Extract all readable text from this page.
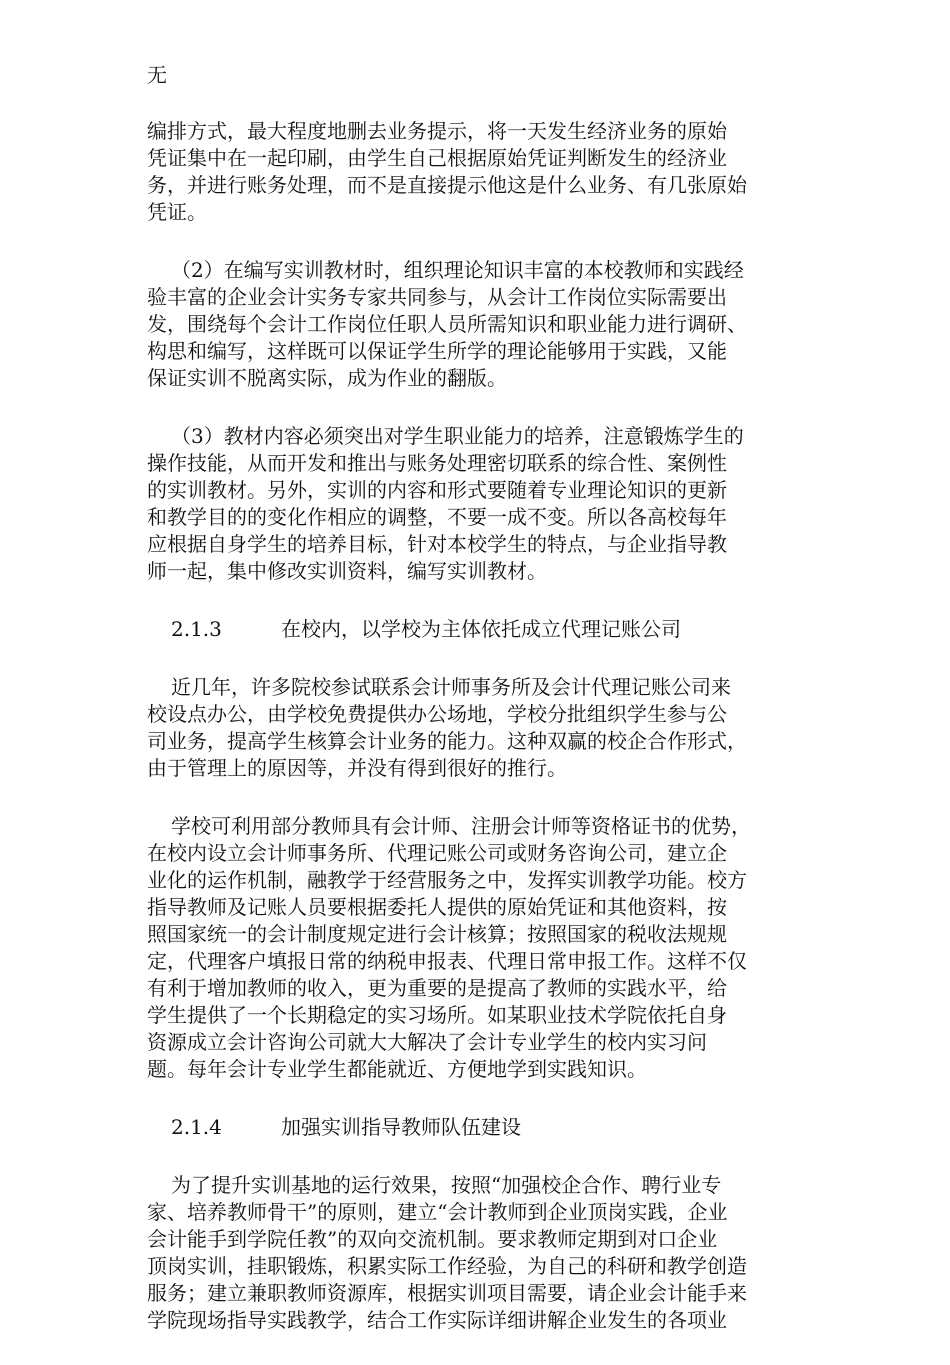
无
编排方式，最大程度地删去业务提示，将一天发生经济业务的原始
凭证集中在一起印刷，由学生自己根据原始凭证判断发生的经济业
务，并进行账务处理，而不是直接提示他这是什么业务、有几张原始
凭证。
（2）在编写实训教材时，组织理论知识丰富的本校教师和实践经
验丰富的企业会计实务专家共同参与，从会计工作岗位实际需要出
发，围绕每个会计工作岗位任职人员所需知识和职业能力进行调研、
构思和编写，这样既可以保证学生所学的理论能够用于实践，又能
保证实训不脱离实际，成为作业的翻版。
（3）教材内容必须突出对学生职业能力的培养，注意锻炼学生的
操作技能，从而开发和推出与账务处理密切联系的综合性、案例性
的实训教材。另外，实训的内容和形式要随着专业理论知识的更新
和教学目的的变化作相应的调整，不要一成不变。所以各高校每年
应根据自身学生的培养目标，针对本校学生的特点，与企业指导教
师一起，集中修改实训资料，编写实训教材。
2.1.3	在校内，以学校为主体依托成立代理记账公司
近几年，许多院校参试联系会计师事务所及会计代理记账公司来
校设点办公，由学校免费提供办公场地，学校分批组织学生参与公
司业务，提高学生核算会计业务的能力。这种双赢的校企合作形式，
由于管理上的原因等，并没有得到很好的推行。
学校可利用部分教师具有会计师、注册会计师等资格证书的优势，
在校内设立会计师事务所、代理记账公司或财务咨询公司，建立企
业化的运作机制，融教学于经营服务之中，发挥实训教学功能。校方
指导教师及记账人员要根据委托人提供的原始凭证和其他资料，按
照国家统一的会计制度规定进行会计核算；按照国家的税收法规规
定，代理客户填报日常的纳税申报表、代理日常申报工作。这样不仅
有利于增加教师的收入，更为重要的是提高了教师的实践水平，给
学生提供了一个长期稳定的实习场所。如某职业技术学院依托自身
资源成立会计咨询公司就大大解决了会计专业学生的校内实习问
题。每年会计专业学生都能就近、方便地学到实践知识。
2.1.4	加强实训指导教师队伍建设
为了提升实训基地的运行效果，按照“加强校企合作、聘行业专
家、培养教师骨干”的原则，建立“会计教师到企业顶岗实践，企业
会计能手到学院任教”的双向交流机制。要求教师定期到对口企业
顶岗实训，挂职锻炼，积累实际工作经验，为自己的科研和教学创造
服务；建立兼职教师资源库，根据实训项目需要，请企业会计能手来
学院现场指导实践教学，结合工作实际详细讲解企业发生的各项业
